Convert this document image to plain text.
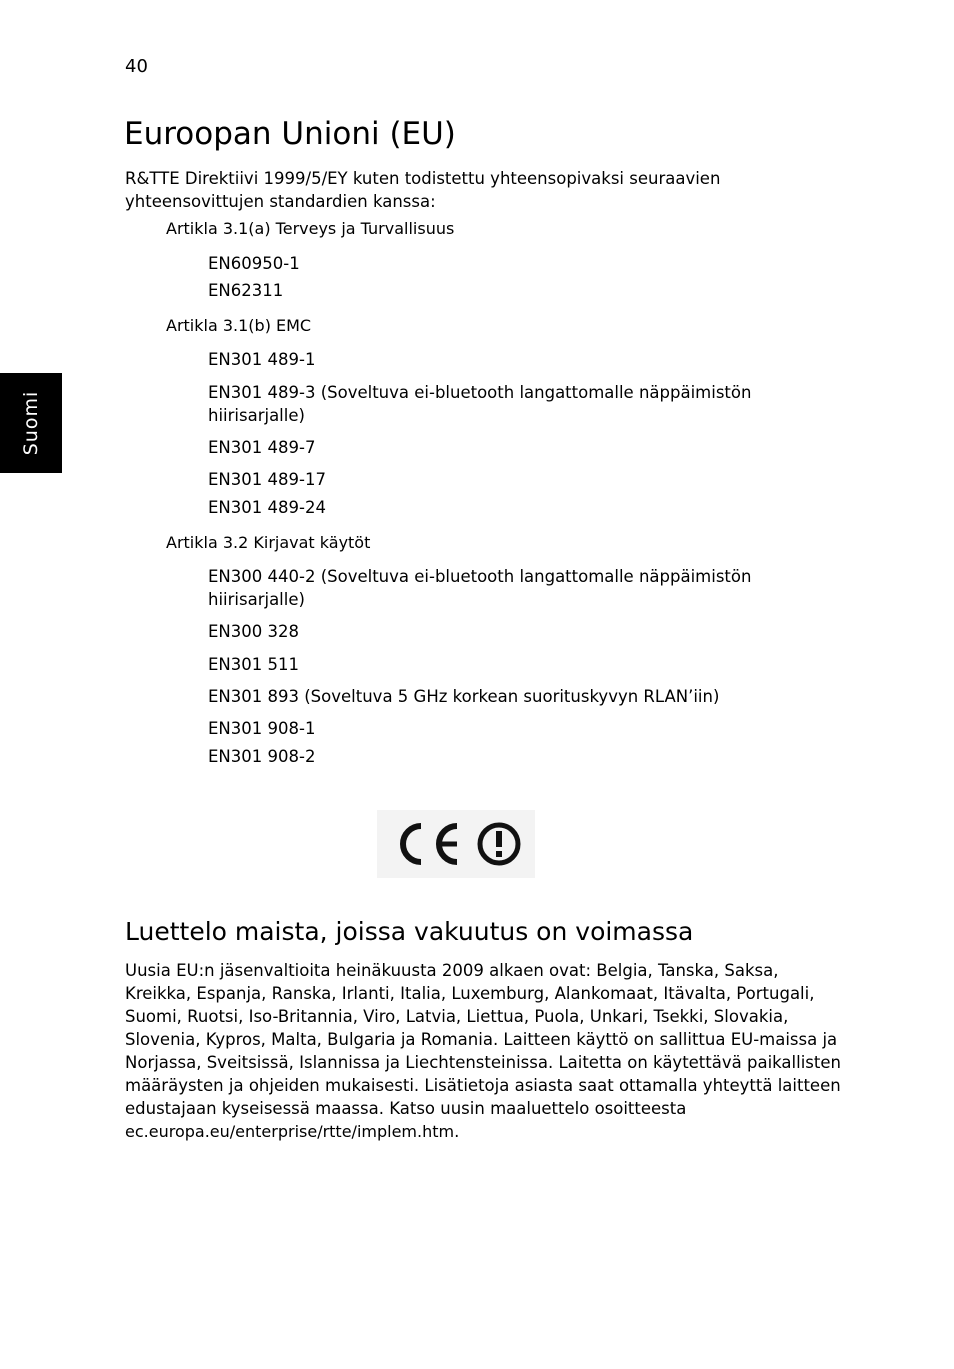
40
Suomi
Euroopan Unioni (EU)
R&TTE Direktiivi 1999/5/EY kuten todistettu yhteensopivaksi seuraavien yhteensovittujen standardien kanssa:
Artikla 3.1(a) Terveys ja Turvallisuus
EN60950-1
EN62311
Artikla 3.1(b) EMC
EN301 489-1
EN301 489-3 (Soveltuva ei-bluetooth langattomalle näppäimistön hiirisarjalle)
EN301 489-7
EN301 489-17
EN301 489-24
Artikla 3.2 Kirjavat käytöt
EN300 440-2 (Soveltuva ei-bluetooth langattomalle näppäimistön hiirisarjalle)
EN300 328
EN301 511
EN301 893 (Soveltuva 5 GHz korkean suorituskyvyn RLAN’iin)
EN301 908-1
EN301 908-2
Luettelo maista, joissa vakuutus on voimassa
Uusia EU:n jäsenvaltioita heinäkuusta 2009 alkaen ovat: Belgia, Tanska, Saksa, Kreikka, Espanja, Ranska, Irlanti, Italia, Luxemburg, Alankomaat, Itävalta, Portugali, Suomi, Ruotsi, Iso-Britannia, Viro, Latvia, Liettua, Puola, Unkari, Tsekki, Slovakia, Slovenia, Kypros, Malta, Bulgaria ja Romania. Laitteen käyttö on sallittua EU-maissa ja Norjassa, Sveitsissä, Islannissa ja Liechtensteinissa. Laitetta on käytettävä paikallisten määräysten ja ohjeiden mukaisesti. Lisätietoja asiasta saat ottamalla yhteyttä laitteen edustajaan kyseisessä maassa. Katso uusin maaluettelo osoitteesta ec.europa.eu/enterprise/rtte/implem.htm.
